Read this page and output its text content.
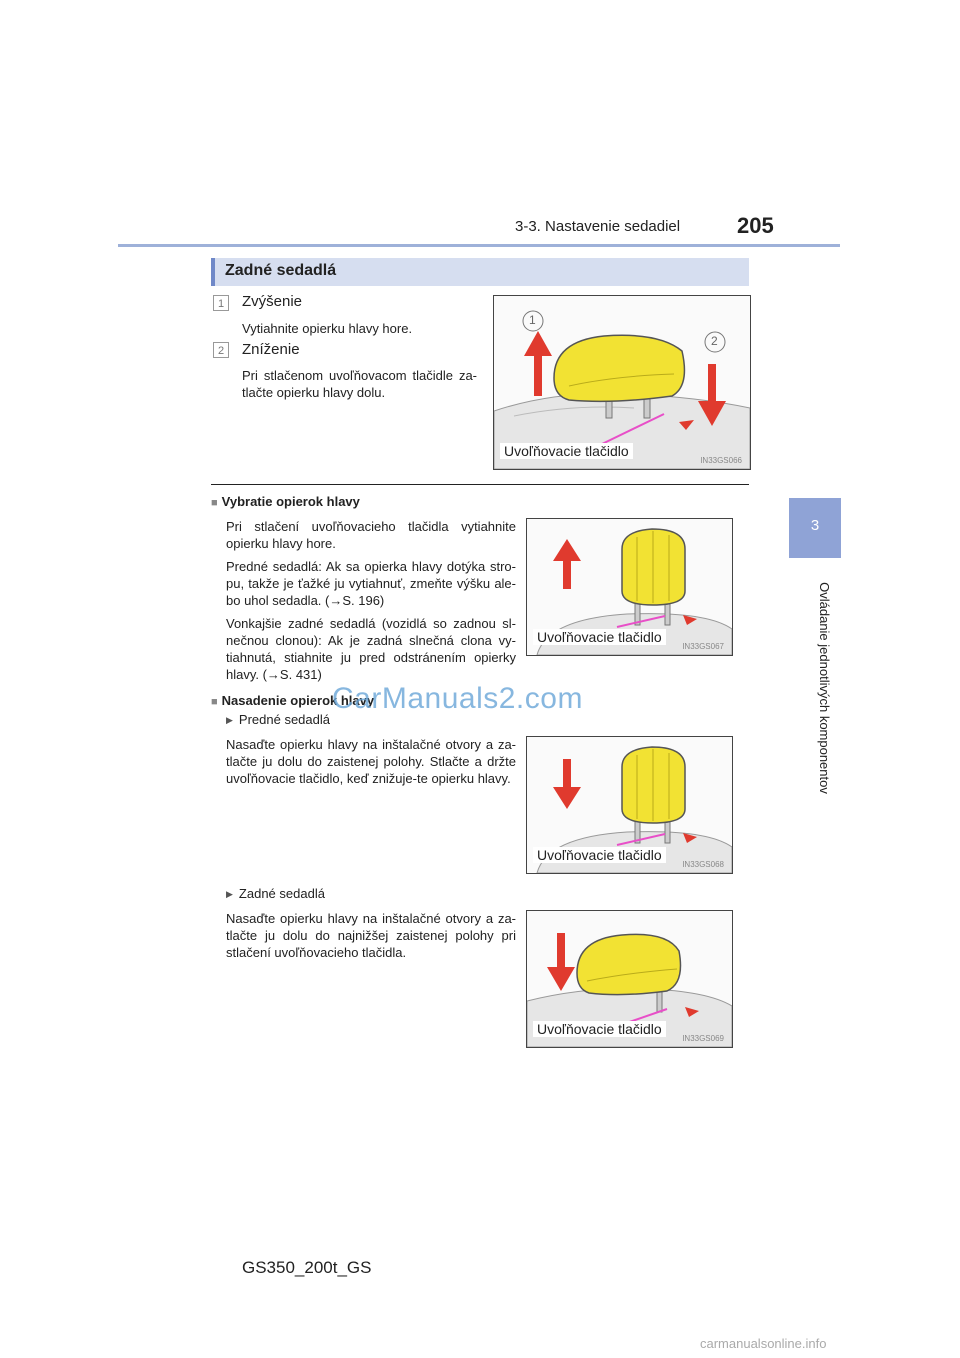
3-3. Nastavenie sedadiel	205
3
Ovládanie jednotlivých komponentov
Zadné sedadlá
1	Zvýšenie
Vytiahnite opierku hlavy hore.
2	Zníženie
Pri stlačenom uvoľňovacom tlačidle za-tlačte opierku hlavy dolu.
1
2
Uvoľňovacie tlačidlo
IN33GS066
■ Vybratie opierok hlavy

Pri stlačení uvoľňovacieho tlačidla vytiahnite opierku hlavy hore.

Predné sedadlá: Ak sa opierka hlavy dotýka stro-pu, takže je ťažké ju vytiahnuť, zmeňte výšku ale-bo uhol sedadla. (→S. 196)

Vonkajšie zadné sedadlá (vozidlá so zadnou sl-nečnou clonou): Ak je zadná slnečná clona vy-tiahnutá, stiahnite ju pred odstránením opierky hlavy. (→S. 431)

Uvoľňovacie tlačidlo
IN33GS067
■ Nasadenie opierok hlavy
▶ Predné sedadlá
Nasaďte opierku hlavy na inštalačné otvory a za-tlačte ju dolu do zaistenej polohy. Stlačte a držte uvoľňovacie tlačidlo, keď znižuje-te opierku hlavy.
Uvoľňovacie tlačidlo
IN33GS068
▶ Zadné sedadlá
Nasaďte opierku hlavy na inštalačné otvory a za-tlačte ju dolu do najnižšej zaistenej polohy pri stlačení uvoľňovacieho tlačidla.
Uvoľňovacie tlačidlo
IN33GS069
GS350_200t_GS
CarManuals2.com
carmanualsonline.info
